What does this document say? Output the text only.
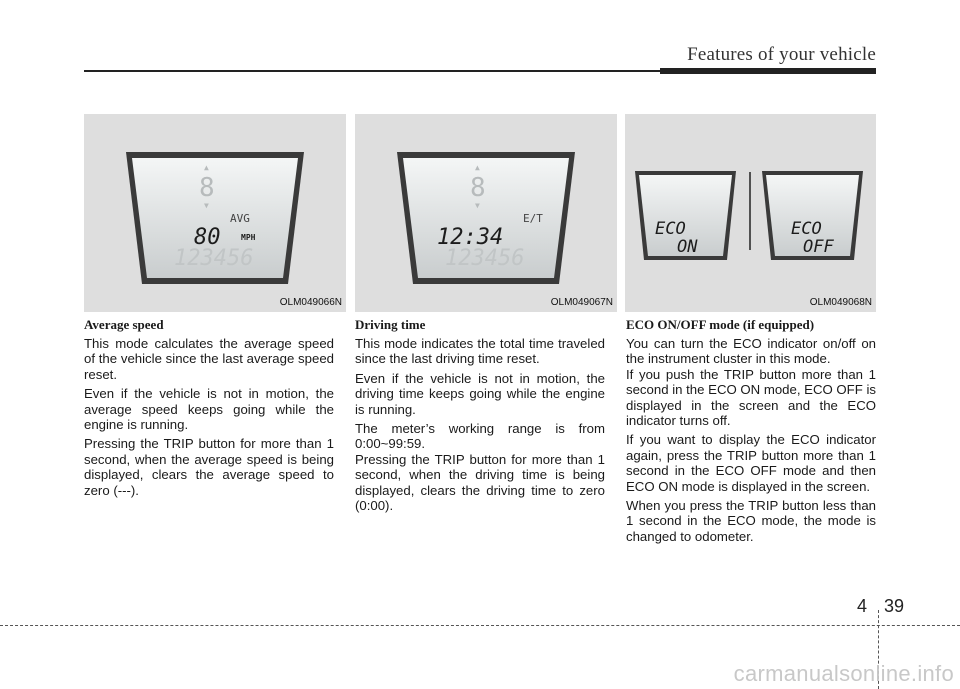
Features of your vehicle
▲
8
▼
AVG
80	MPH
123456
OLM049066N
▲
8
▼
E/T
12:34
123456
OLM049067N
ECO
ON
ECO
OFF
OLM049068N
Average speed

This mode calculates the average speed of the vehicle since the last average speed reset.

Even if the vehicle is not in motion, the average speed keeps going while the engine is running.

Pressing the TRIP button for more than 1 second, when the average speed is being displayed, clears the average speed to zero (---).

Driving time

This mode indicates the total time traveled since the last driving time reset.

Even if the vehicle is not in motion, the driving time keeps going while the engine is running.

The meter’s working range is from 0:00~99:59.

Pressing the TRIP button for more than 1 second, when the driving time is being displayed, clears the driving time to zero (0:00).

ECO ON/OFF mode (if equipped)

You can turn the ECO indicator on/off on the instrument cluster in this mode.

If you push the TRIP button more than 1 second in the ECO ON mode, ECO OFF is displayed in the screen and the ECO indicator turns off.

If you want to display the ECO indicator again, press the TRIP button more than 1 second in the ECO OFF mode and then ECO ON mode is displayed in the screen.

When you press the TRIP button less than 1 second in the ECO mode, the mode is changed to odometer.

4 39
carmanualsonline.info
